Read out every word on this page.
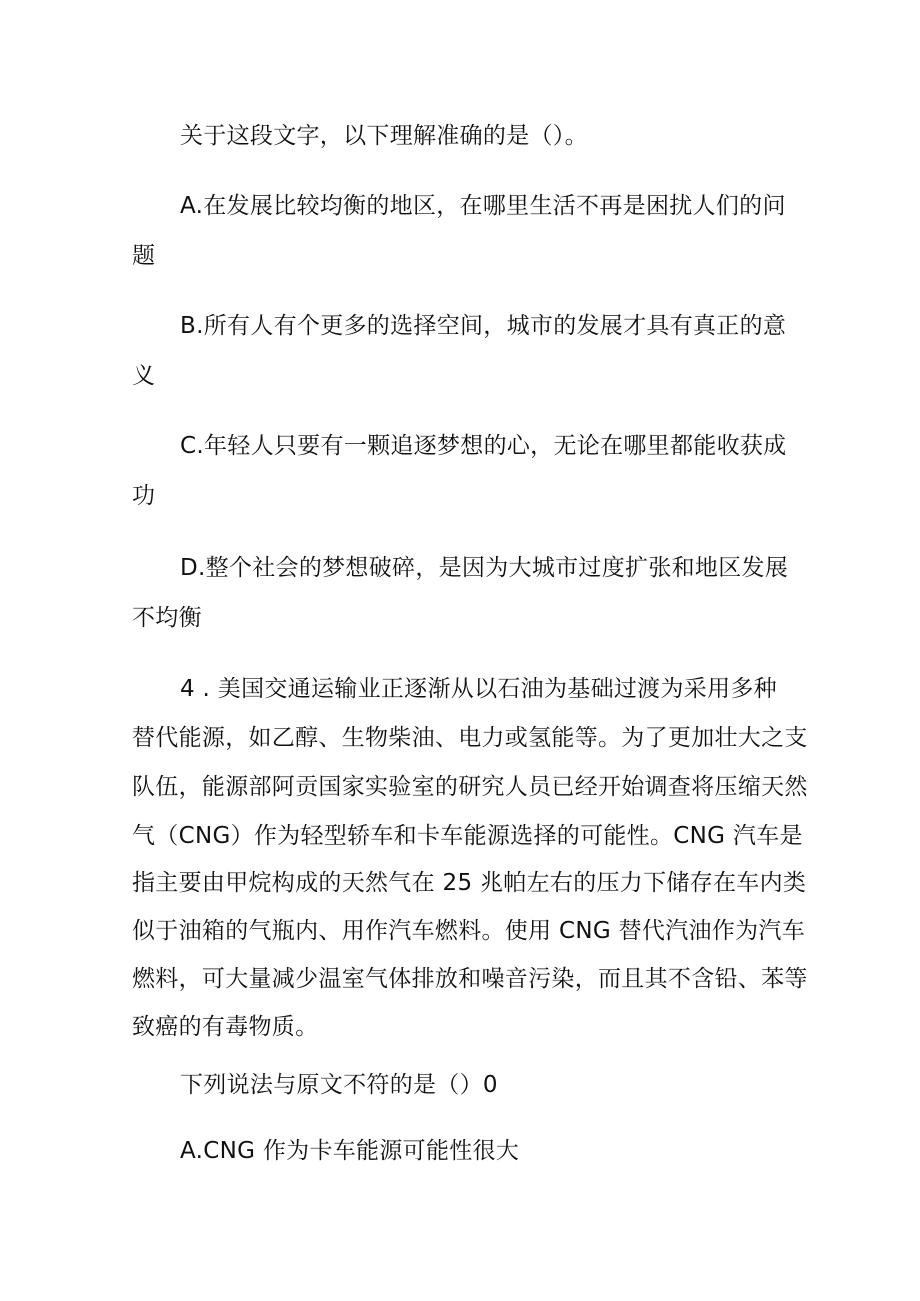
关于这段文字，以下理解准确的是（）。
A.在发展比较均衡的地区，在哪里生活不再是困扰人们的问
题
B.所有人有个更多的选择空间，城市的发展才具有真正的意
义
C.年轻人只要有一颗追逐梦想的心，无论在哪里都能收获成
功
D.整个社会的梦想破碎，是因为大城市过度扩张和地区发展
不均衡
4 . 美国交通运输业正逐渐从以石油为基础过渡为采用多种
替代能源，如乙醇、生物柴油、电力或氢能等。为了更加壮大之支
队伍，能源部阿贡国家实验室的研究人员已经开始调查将压缩天然
气（CNG）作为轻型轿车和卡车能源选择的可能性。CNG 汽车是
指主要由甲烷构成的天然气在 25 兆帕左右的压力下储存在车内类
似于油箱的气瓶内、用作汽车燃料。使用 CNG 替代汽油作为汽车
燃料，可大量减少温室气体排放和噪音污染，而且其不含铅、苯等
致癌的有毒物质。
下列说法与原文不符的是（）0
A.CNG 作为卡车能源可能性很大
